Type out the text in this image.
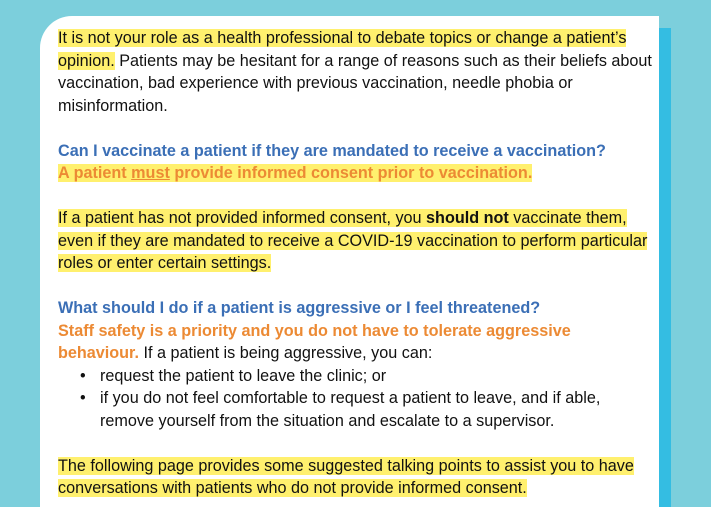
It is not your role as a health professional to debate topics or change a patient’s opinion. Patients may be hesitant for a range of reasons such as their beliefs about vaccination, bad experience with previous vaccination, needle phobia or misinformation.

Can I vaccinate a patient if they are mandated to receive a vaccination?

A patient must provide informed consent prior to vaccination.

If a patient has not provided informed consent, you should not vaccinate them, even if they are mandated to receive a COVID-19 vaccination to perform particular roles or enter certain settings.

What should I do if a patient is aggressive or I feel threatened?
Staff safety is a priority and you do not have to tolerate aggressive behaviour. If a patient is being aggressive, you can:

• request the patient to leave the clinic; or
• if you do not feel comfortable to request a patient to leave, and if able, remove yourself from the situation and escalate to a supervisor.

The following page provides some suggested talking points to assist you to have conversations with patients who do not provide informed consent.
